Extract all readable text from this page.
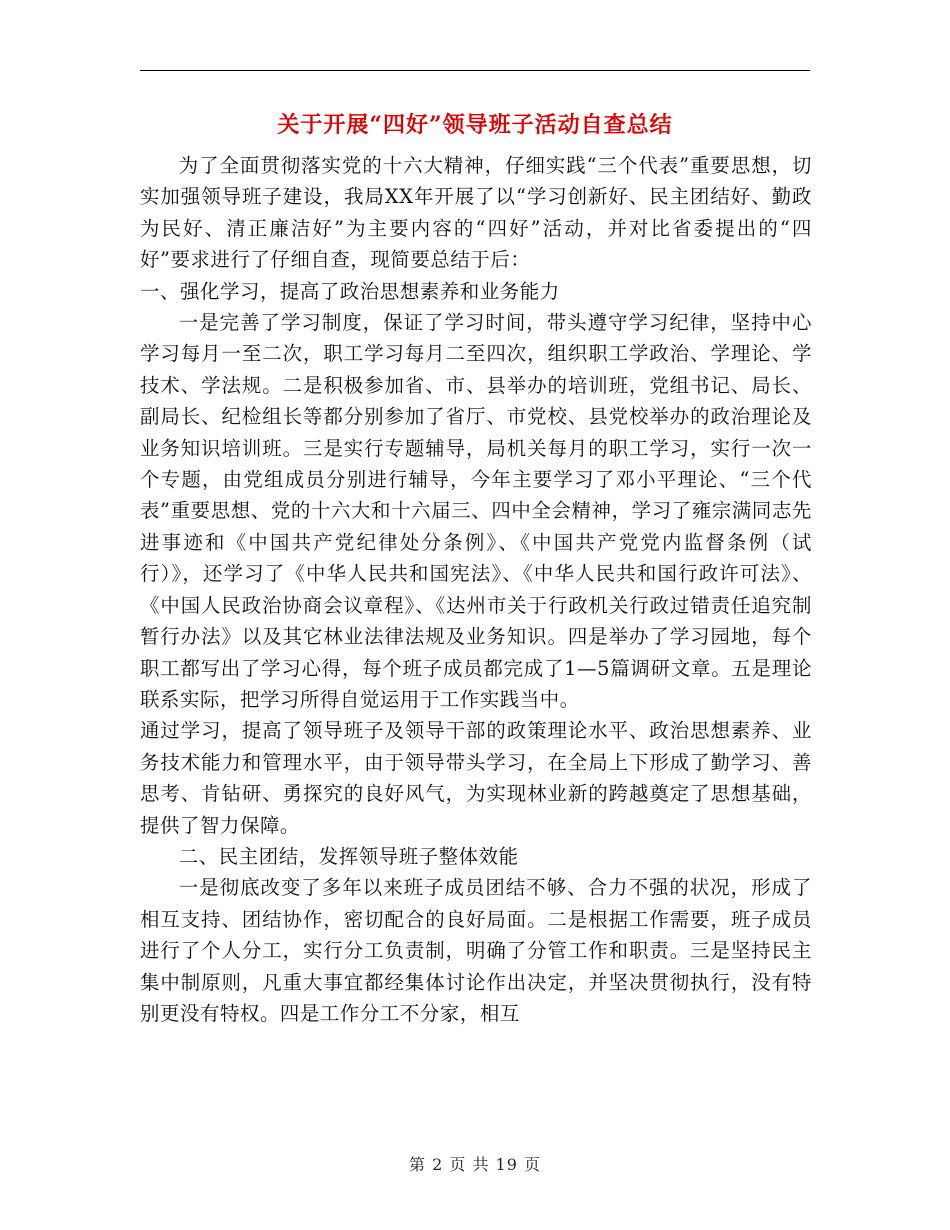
关于开展“四好”领导班子活动自查总结

为了全面贯彻落实党的十六大精神，仔细实践“三个代表”重要思想，切实加强领导班子建设，我局XX年开展了以“学习创新好、民主团结好、勤政为民好、清正廉洁好”为主要内容的“四好”活动，并对比省委提出的“四好”要求进行了仔细自查，现简要总结于后：

一、强化学习，提高了政治思想素养和业务能力

一是完善了学习制度，保证了学习时间，带头遵守学习纪律，坚持中心学习每月一至二次，职工学习每月二至四次，组织职工学政治、学理论、学技术、学法规。二是积极参加省、市、县举办的培训班，党组书记、局长、副局长、纪检组长等都分别参加了省厅、市党校、县党校举办的政治理论及业务知识培训班。三是实行专题辅导，局机关每月的职工学习，实行一次一个专题，由党组成员分别进行辅导，今年主要学习了邓小平理论、“三个代表”重要思想、党的十六大和十六届三、四中全会精神，学习了雍宗满同志先进事迹和《中国共产党纪律处分条例》、《中国共产党党内监督条例（试行）》，还学习了《中华人民共和国宪法》、《中华人民共和国行政许可法》、《中国人民政治协商会议章程》、《达州市关于行政机关行政过错责任追究制暂行办法》以及其它林业法律法规及业务知识。四是举办了学习园地，每个职工都写出了学习心得，每个班子成员都完成了1—5篇调研文章。五是理论联系实际，把学习所得自觉运用于工作实践当中。

通过学习，提高了领导班子及领导干部的政策理论水平、政治思想素养、业务技术能力和管理水平，由于领导带头学习，在全局上下形成了勤学习、善思考、肯钻研、勇探究的良好风气，为实现林业新的跨越奠定了思想基础，提供了智力保障。

二、民主团结，发挥领导班子整体效能

一是彻底改变了多年以来班子成员团结不够、合力不强的状况，形成了相互支持、团结协作，密切配合的良好局面。二是根据工作需要，班子成员进行了个人分工，实行分工负责制，明确了分管工作和职责。三是坚持民主集中制原则，凡重大事宜都经集体讨论作出决定，并坚决贯彻执行，没有特别更没有特权。四是工作分工不分家，相互

第 2 页 共 19 页
